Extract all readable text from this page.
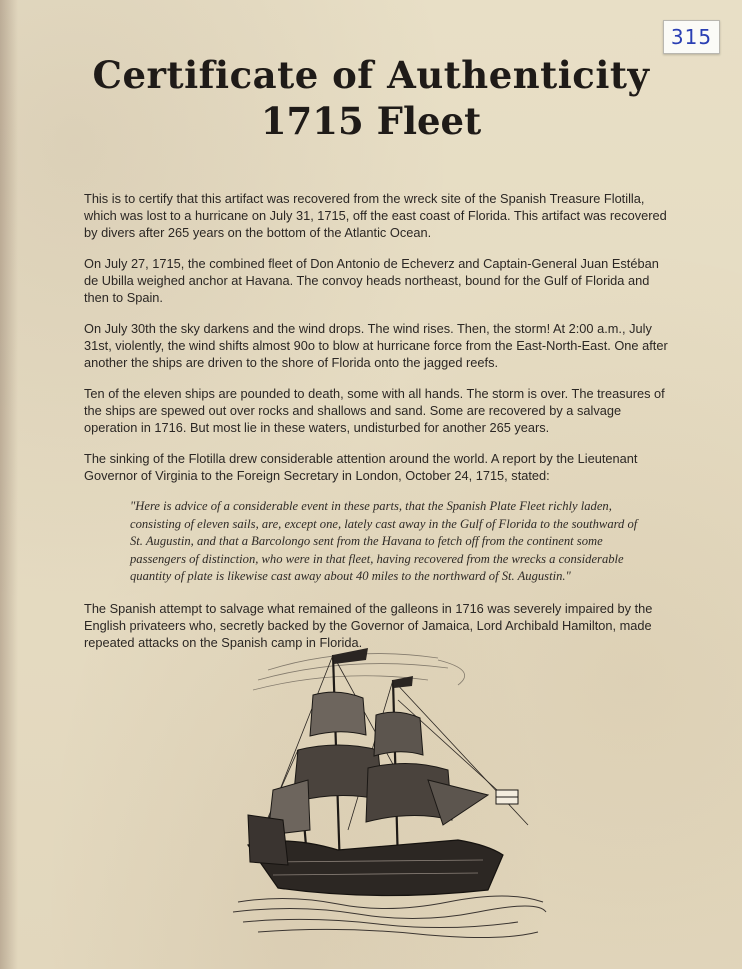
315
Certificate of Authenticity
1715 Fleet

This is to certify that this artifact was recovered from the wreck site of the Spanish Treasure Flotilla, which was lost to a hurricane on July 31, 1715, off the east coast of Florida. This artifact was recovered by divers after 265 years on the bottom of the Atlantic Ocean.

On July 27, 1715, the combined fleet of Don Antonio de Echeverz and Captain-General Juan Estéban de Ubilla weighed anchor at Havana. The convoy heads northeast, bound for the Gulf of Florida and then to Spain.

On July 30th the sky darkens and the wind drops. The wind rises. Then, the storm! At 2:00 a.m., July 31st, violently, the wind shifts almost 90o to blow at hurricane force from the East-North-East. One after another the ships are driven to the shore of Florida onto the jagged reefs.

Ten of the eleven ships are pounded to death, some with all hands. The storm is over. The treasures of the ships are spewed out over rocks and shallows and sand. Some are recovered by a salvage operation in 1716. But most lie in these waters, undisturbed for another 265 years.

The sinking of the Flotilla drew considerable attention around the world. A report by the Lieutenant Governor of Virginia to the Foreign Secretary in London, October 24, 1715, stated:

"Here is advice of a considerable event in these parts, that the Spanish Plate Fleet richly laden, consisting of eleven sails, are, except one, lately cast away in the Gulf of Florida to the southward of St. Augustin, and that a Barcolongo sent from the Havana to fetch off from the continent some passengers of distinction, who were in that fleet, having recovered from the wrecks a considerable quantity of plate is likewise cast away about 40 miles to the northward of St. Augustin."

The Spanish attempt to salvage what remained of the galleons in 1716 was severely impaired by the English privateers who, secretly backed by the Governor of Jamaica, Lord Archibald Hamilton, made repeated attacks on the Spanish camp in Florida.
